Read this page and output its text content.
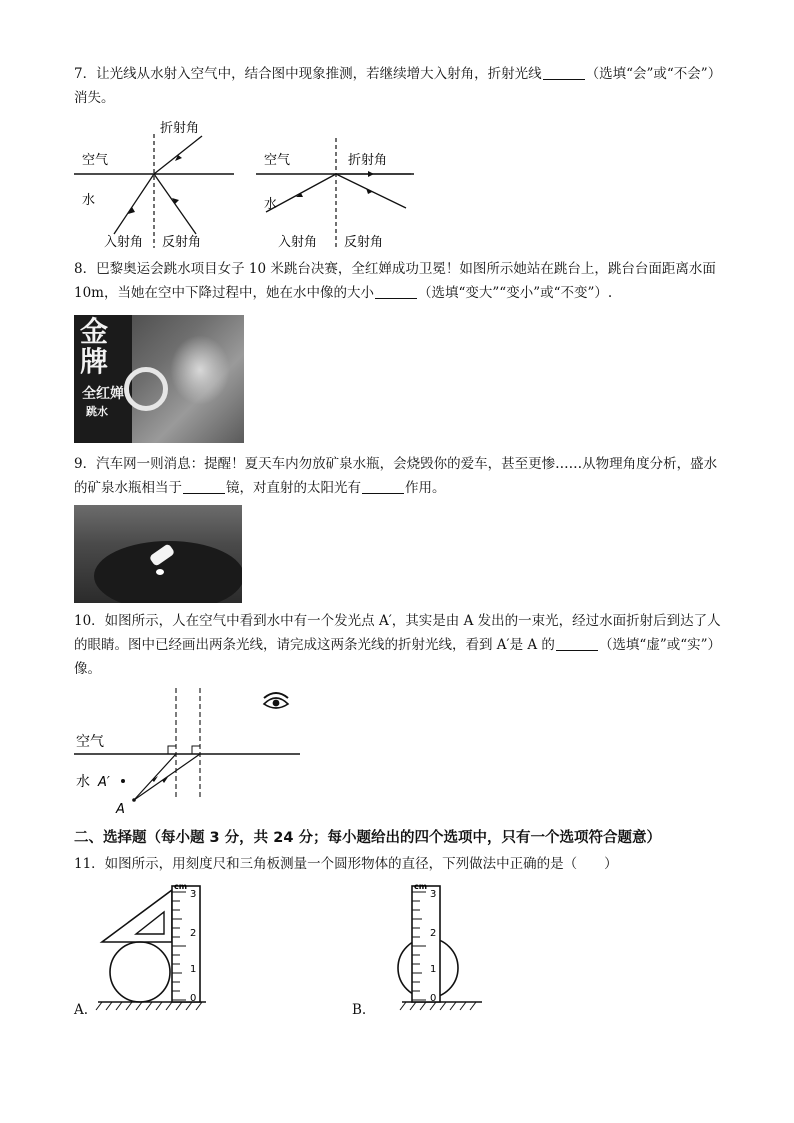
7．让光线从水射入空气中，结合图中现象推测，若继续增大入射角，折射光线	（选填“会”或“不会”）消失。
折射角
空气
水
入射角 反射角
折射角
空气
水
入射角 反射角
8．巴黎奥运会跳水项目女子 10 米跳台决赛，全红婵成功卫冕！如图所示她站在跳台上，跳台台面距离水面 10m，当她在空中下降过程中，她在水中像的大小	（选填“变大”“变小”或“不变”）.
金
牌
全红婵
跳水
9．汽车网一则消息：提醒！夏天车内勿放矿泉水瓶，会烧毁你的爱车，甚至更惨……从物理角度分析，盛水的矿泉水瓶相当于	镜，对直射的太阳光有	作用。
10．如图所示，人在空气中看到水中有一个发光点 A′，其实是由 A 发出的一束光，经过水面折射后到达了人的眼睛。图中已经画出两条光线，请完成这两条光线的折射光线，看到 A′是 A 的	（选填“虚”或“实”）像。
空气
水 A′
A
二、选择题（每小题 3 分，共 24 分；每小题给出的四个选项中，只有一个选项符合题意）
11．如图所示，用刻度尺和三角板测量一个圆形物体的直径，下列做法中正确的是（　　）
cm
3
2
1
0
A.
cm
3
2
1
0
B.
